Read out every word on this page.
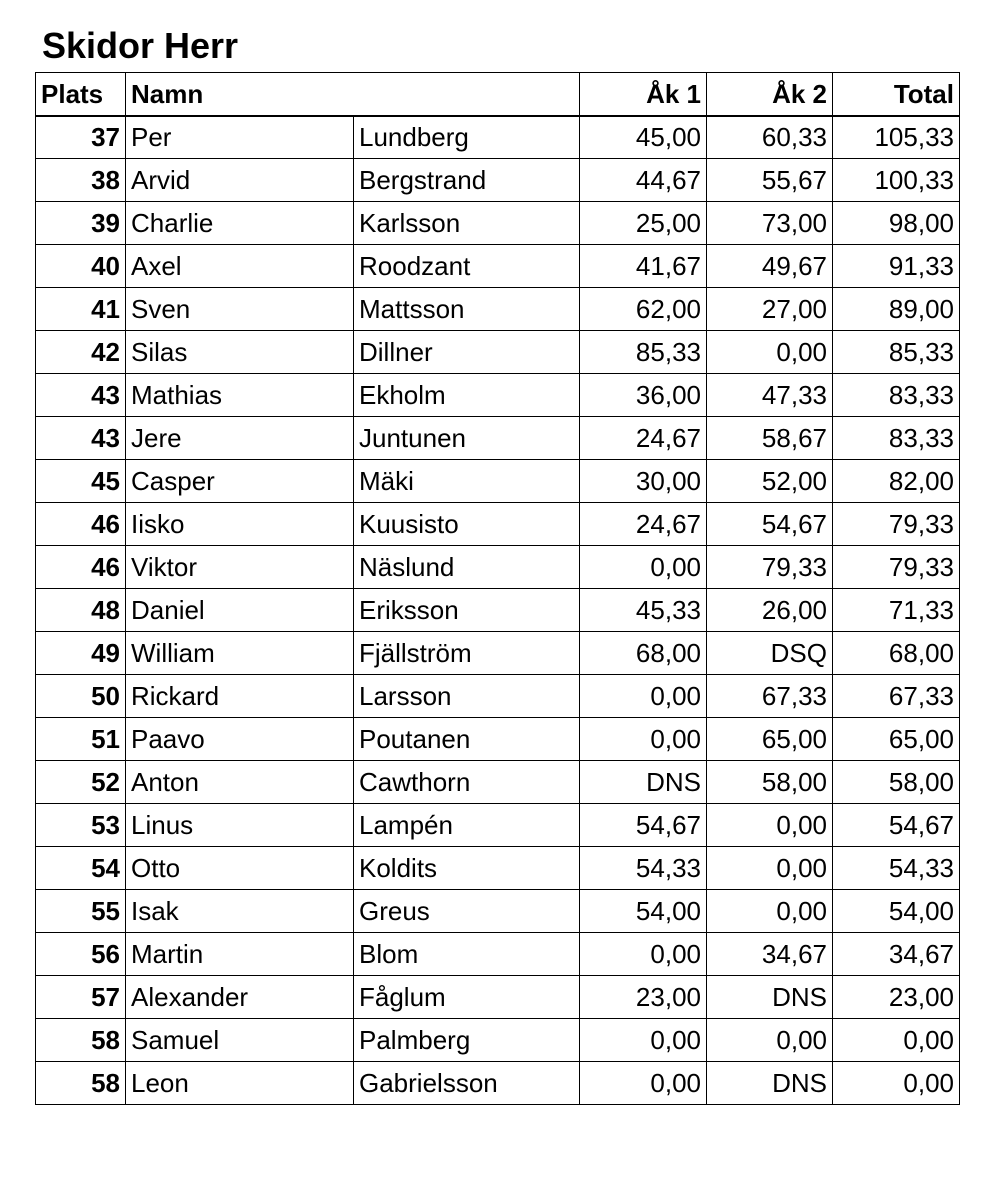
Skidor Herr
Plats	Namn		Åk 1	Åk 2	Total
37	Per	Lundberg	45,00	60,33	105,33
38	Arvid	Bergstrand	44,67	55,67	100,33
39	Charlie	Karlsson	25,00	73,00	98,00
40	Axel	Roodzant	41,67	49,67	91,33
41	Sven	Mattsson	62,00	27,00	89,00
42	Silas	Dillner	85,33	0,00	85,33
43	Mathias	Ekholm	36,00	47,33	83,33
43	Jere	Juntunen	24,67	58,67	83,33
45	Casper	Mäki	30,00	52,00	82,00
46	Iisko	Kuusisto	24,67	54,67	79,33
46	Viktor	Näslund	0,00	79,33	79,33
48	Daniel	Eriksson	45,33	26,00	71,33
49	William	Fjällström	68,00	DSQ	68,00
50	Rickard	Larsson	0,00	67,33	67,33
51	Paavo	Poutanen	0,00	65,00	65,00
52	Anton	Cawthorn	DNS	58,00	58,00
53	Linus	Lampén	54,67	0,00	54,67
54	Otto	Koldits	54,33	0,00	54,33
55	Isak	Greus	54,00	0,00	54,00
56	Martin	Blom	0,00	34,67	34,67
57	Alexander	Fåglum	23,00	DNS	23,00
58	Samuel	Palmberg	0,00	0,00	0,00
58	Leon	Gabrielsson	0,00	DNS	0,00
